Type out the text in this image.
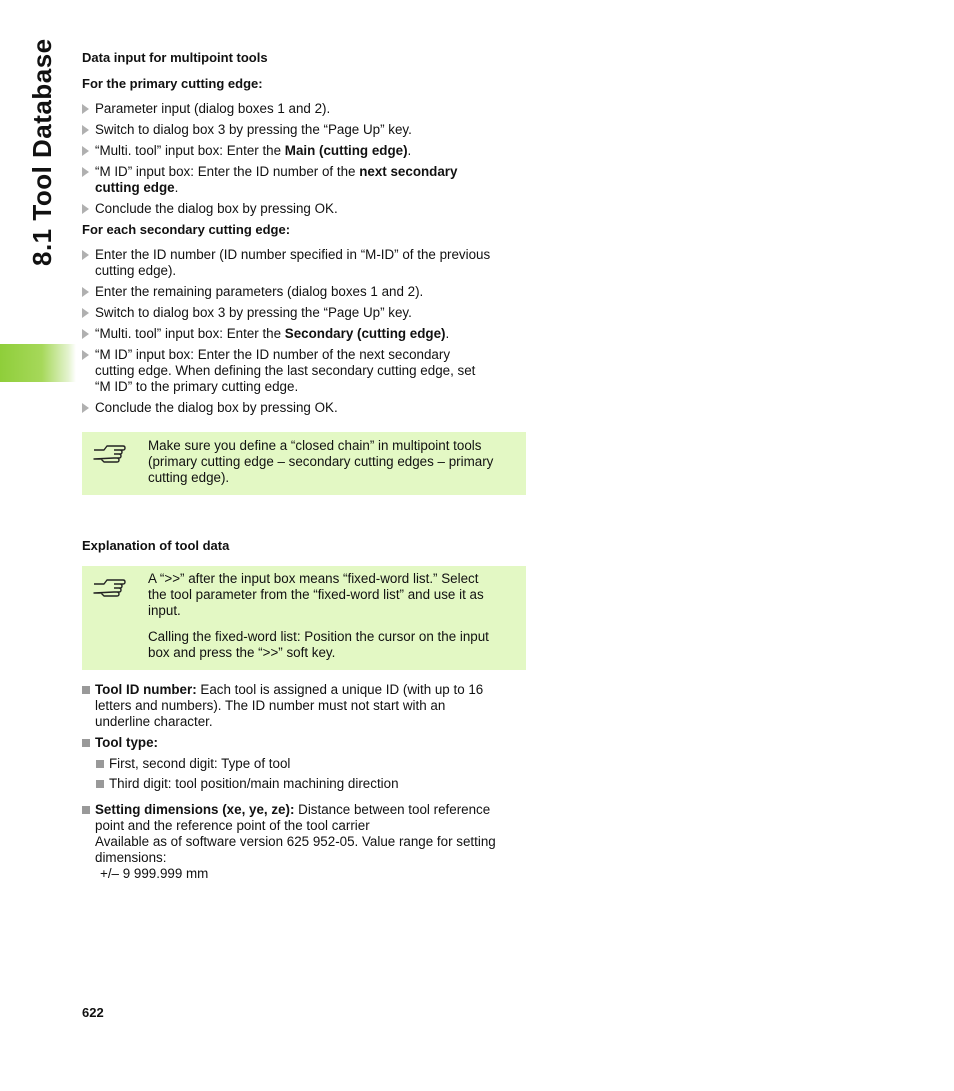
8.1 Tool Database Data input for multipoint tools
For the primary cutting edge:
Parameter input (dialog boxes 1 and 2).
Switch to dialog box 3 by pressing the “Page Up” key.
“Multi. tool” input box: Enter the Main (cutting edge).
“M ID” input box: Enter the ID number of the next secondary
cutting edge.
Conclude the dialog box by pressing OK.
For each secondary cutting edge:
Enter the ID number (ID number specified in “M-ID” of the previous
cutting edge).
Enter the remaining parameters (dialog boxes 1 and 2).
Switch to dialog box 3 by pressing the “Page Up” key.
“Multi. tool” input box: Enter the Secondary (cutting edge).
“M ID” input box: Enter the ID number of the next secondary
cutting edge. When defining the last secondary cutting edge, set
“M ID” to the primary cutting edge.
Conclude the dialog box by pressing OK.
Make sure you define a “closed chain” in multipoint tools
(primary cutting edge – secondary cutting edges – primary
cutting edge).
Explanation of tool data
A “>>” after the input box means “fixed-word list.” Select
the tool parameter from the “fixed-word list” and use it as
input.
Calling the fixed-word list: Position the cursor on the input
box and press the “>>” soft key.
Tool ID number: Each tool is assigned a unique ID (with up to 16
letters and numbers). The ID number must not start with an
underline character.
Tool type:
First, second digit: Type of tool
Third digit: tool position/main machining direction
Setting dimensions (xe, ye, ze): Distance between tool reference
point and the reference point of the tool carrier
Available as of software version 625 952-05. Value range for setting
dimensions:
+/– 9 999.999 mm
622
